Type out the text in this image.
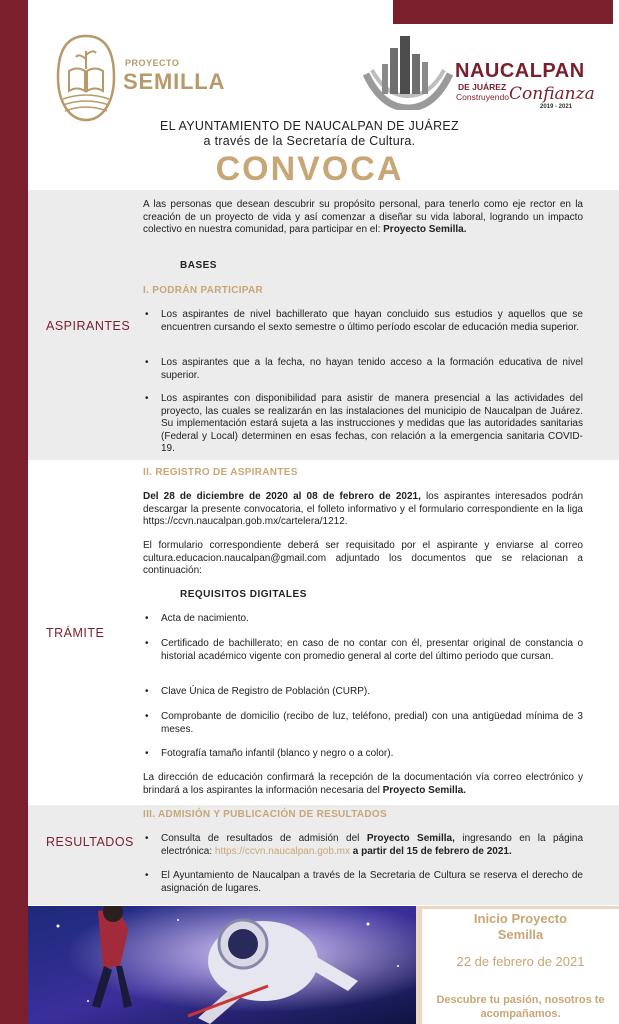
PROYECTO
SEMILLA	NAUCALPAN
DE JUÁREZ
Construyendo Confianza
2019 - 2021
EL AYUNTAMIENTO DE NAUCALPAN DE JUÁREZ
a través de la Secretaría de Cultura.
CONVOCA
A las personas que desean descubrir su propósito personal, para tenerlo como eje rector en la creación de un proyecto de vida y así comenzar a diseñar su vida laboral, logrando un impacto colectivo en nuestra comunidad, para participar en el: Proyecto Semilla.
BASES
I. PODRÁN PARTICIPAR
ASPIRANTES
• Los aspirantes de nivel bachillerato que hayan concluido sus estudios y aquellos que se encuentren cursando el sexto semestre o último período escolar de educación media superior.
• Los aspirantes que a la fecha, no hayan tenido acceso a la formación educativa de nivel superior.
• Los aspirantes con disponibilidad para asistir de manera presencial a las actividades del proyecto, las cuales se realizarán en las instalaciones del municipio de Naucalpan de Juárez. Su implementación estará sujeta a las instrucciones y medidas que las autoridades sanitarias (Federal y Local) determinen en esas fechas, con relación a la emergencia sanitaria COVID-19.
II. REGISTRO DE ASPIRANTES
Del 28 de diciembre de 2020 al 08 de febrero de 2021, los aspirantes interesados podrán descargar la presente convocatoria, el folleto informativo y el formulario correspondiente en la liga https://ccvn.naucalpan.gob.mx/cartelera/1212.
El formulario correspondiente deberá ser requisitado por el aspirante y enviarse al correo cultura.educacion.naucalpan@gmail.com adjuntado los documentos que se relacionan a continuación:
REQUISITOS DIGITALES
TRÁMITE
• Acta de nacimiento.
• Certificado de bachillerato; en caso de no contar con él, presentar original de constancia o historial académico vigente con promedio general al corte del último periodo que cursan.
• Clave Única de Registro de Población (CURP).
• Comprobante de domicilio (recibo de luz, teléfono, predial) con una antigüedad mínima de 3 meses.
• Fotografía tamaño infantil (blanco y negro o a color).
La dirección de educación confirmará la recepción de la documentación vía correo electrónico y brindará a los aspirantes la información necesaria del Proyecto Semilla.
III. ADMISIÓN Y PUBLICACIÓN DE RESULTADOS
RESULTADOS
•	Consulta de resultados de admisión del Proyecto Semilla, ingresando en la página electrónica: https://ccvn.naucalpan.gob.mx a partir del 15 de febrero de 2021.
• El Ayuntamiento de Naucalpan a través de la Secretaria de Cultura se reserva el derecho de asignación de lugares.
Inicio Proyecto Semilla
22 de febrero de 2021
Descubre tu pasión, nosotros te acompañamos.
